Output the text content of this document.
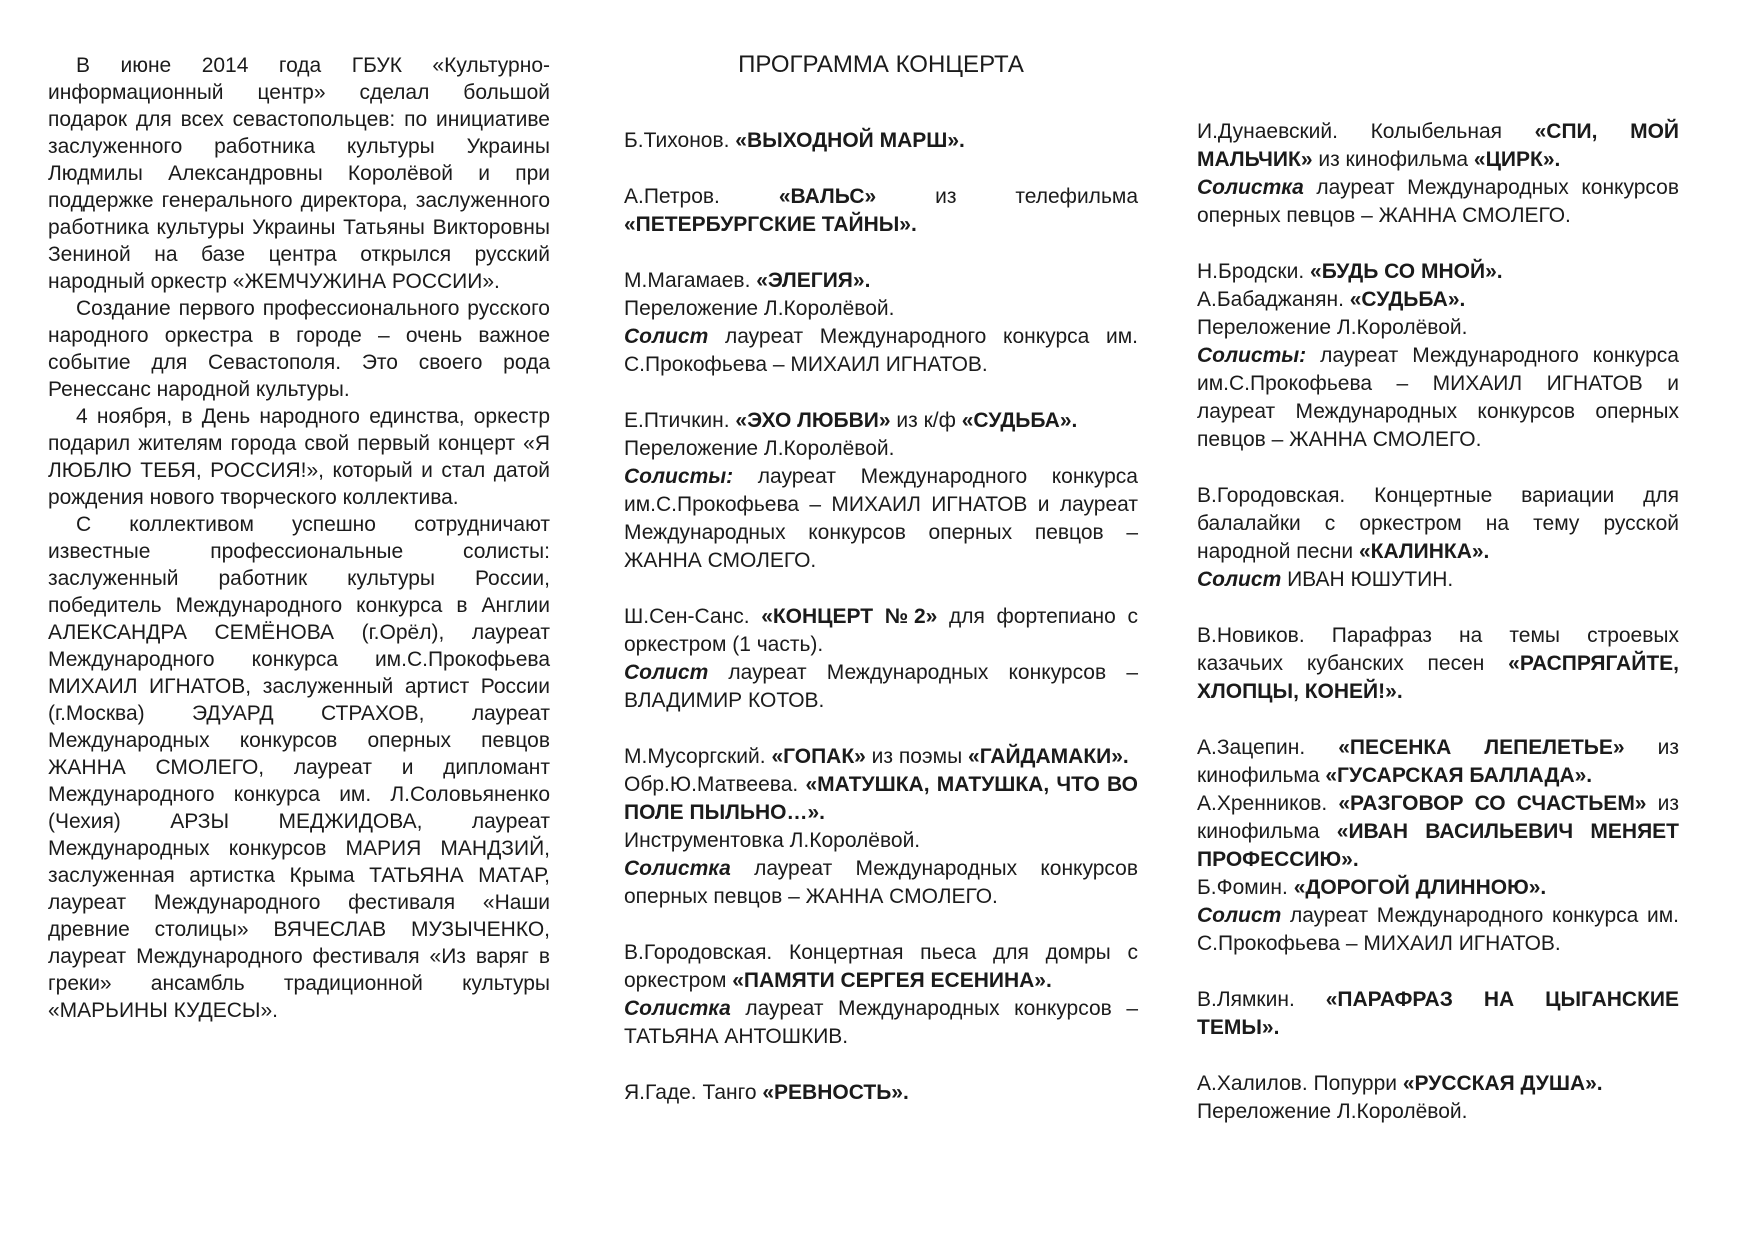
В июне 2014 года ГБУК «Культурно-информационный центр» сделал большой подарок для всех севастопольцев: по инициативе заслуженного работника культуры Украины Людмилы Александровны Королёвой и при поддержке генерального директора, заслуженного работника культуры Украины Татьяны Викторовны Зениной на базе центра открылся русский народный оркестр «ЖЕМЧУЖИНА РОССИИ».

Создание первого профессионального русского народного оркестра в городе – очень важное событие для Севастополя. Это своего рода Ренессанс народной культуры.

4 ноября, в День народного единства, оркестр подарил жителям города свой первый концерт «Я ЛЮБЛЮ ТЕБЯ, РОССИЯ!», который и стал датой рождения нового творческого коллектива.

С коллективом успешно сотрудничают известные профессиональные солисты: заслуженный работник культуры России, победитель Международного конкурса в Англии АЛЕКСАНДРА СЕМЁНОВА (г.Орёл), лауреат Международного конкурса им.С.Прокофьева МИХАИЛ ИГНАТОВ, заслуженный артист России (г.Москва) ЭДУАРД СТРАХОВ, лауреат Международных конкурсов оперных певцов ЖАННА СМОЛЕГО, лауреат и дипломант Международного конкурса им. Л.Соловьяненко (Чехия) АРЗЫ МЕДЖИДОВА, лауреат Международных конкурсов МАРИЯ МАНДЗИЙ, заслуженная артистка Крыма ТАТЬЯНА МАТАР, лауреат Международного фестиваля «Наши древние столицы» ВЯЧЕСЛАВ МУЗЫЧЕНКО, лауреат Международного фестиваля «Из варяг в греки» ансамбль традиционной культуры «МАРЬИНЫ КУДЕСЫ».

ПРОГРАММА КОНЦЕРТА
Б.Тихонов. «ВЫХОДНОЙ МАРШ».
А.Петров. «ВАЛЬС» из телефильма «ПЕТЕРБУРГСКИЕ ТАЙНЫ».
М.Магамаев. «ЭЛЕГИЯ».
Переложение Л.Королёвой.
Солист лауреат Международного конкурса им. С.Прокофьева – МИХАИЛ ИГНАТОВ.
Е.Птичкин. «ЭХО ЛЮБВИ» из к/ф «СУДЬБА».
Переложение Л.Королёвой.
Солисты: лауреат Международного конкурса им.С.Прокофьева – МИХАИЛ ИГНАТОВ и лауреат Международных конкурсов оперных певцов – ЖАННА СМОЛЕГО.
Ш.Сен-Санс. «КОНЦЕРТ №2» для фортепиано с оркестром (1 часть).
Солист лауреат Международных конкурсов – ВЛАДИМИР КОТОВ.
М.Мусоргский. «ГОПАК» из поэмы «ГАЙДАМАКИ».
Обр.Ю.Матвеева. «МАТУШКА, МАТУШКА, ЧТО ВО ПОЛЕ ПЫЛЬНО…».
Инструментовка Л.Королёвой.
Солистка лауреат Международных конкурсов оперных певцов – ЖАННА СМОЛЕГО.
В.Городовская. Концертная пьеса для домры с оркестром «ПАМЯТИ СЕРГЕЯ ЕСЕНИНА».
Солистка лауреат Международных конкурсов – ТАТЬЯНА АНТОШКИВ.
Я.Гаде. Танго «РЕВНОСТЬ».
И.Дунаевский. Колыбельная «СПИ, МОЙ МАЛЬЧИК» из кинофильма «ЦИРК».
Солистка лауреат Международных конкурсов оперных певцов – ЖАННА СМОЛЕГО.
Н.Бродски. «БУДЬ СО МНОЙ».
А.Бабаджанян. «СУДЬБА».
Переложение Л.Королёвой.
Солисты: лауреат Международного конкурса им.С.Прокофьева – МИХАИЛ ИГНАТОВ и лауреат Международных конкурсов оперных певцов – ЖАННА СМОЛЕГО.
В.Городовская. Концертные вариации для балалайки с оркестром на тему русской народной песни «КАЛИНКА».
Солист ИВАН ЮШУТИН.
В.Новиков. Парафраз на темы строевых казачьих кубанских песен «РАСПРЯГАЙТЕ, ХЛОПЦЫ, КОНЕЙ!».
А.Зацепин. «ПЕСЕНКА ЛЕПЕЛЕТЬЕ» из кинофильма «ГУСАРСКАЯ БАЛЛАДА».
А.Хренников. «РАЗГОВОР СО СЧАСТЬЕМ» из кинофильма «ИВАН ВАСИЛЬЕВИЧ МЕНЯЕТ ПРОФЕССИЮ».
Б.Фомин. «ДОРОГОЙ ДЛИННОЮ».
Солист лауреат Международного конкурса им. С.Прокофьева – МИХАИЛ ИГНАТОВ.
В.Лямкин. «ПАРАФРАЗ НА ЦЫГАНСКИЕ ТЕМЫ».
А.Халилов. Попурри «РУССКАЯ ДУША».
Переложение Л.Королёвой.
